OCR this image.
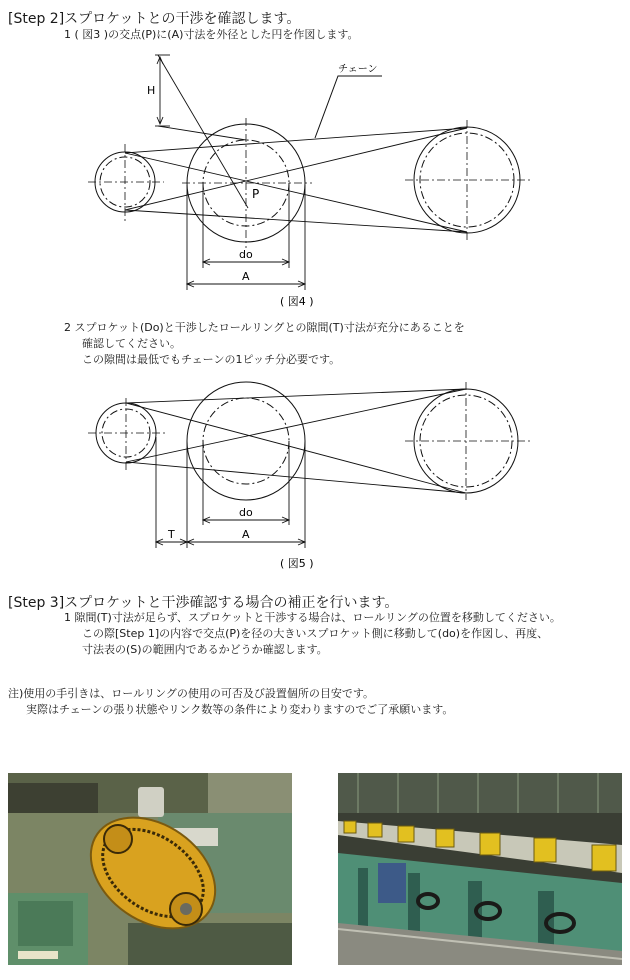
[Step 2]スプロケットとの干渉を確認します。
1 ( 図3 )の交点(P)に(A)寸法を外径とした円を作図します。
H
P
チェーン
do
A
( 図4 )
2 スプロケット(Do)と干渉したロールリングとの隙間(T)寸法が充分にあることを
確認してください。
この隙間は最低でもチェーンの1ピッチ分必要です。
do
T	A
( 図5 )
[Step 3]スプロケットと干渉確認する場合の補正を行います。
1 隙間(T)寸法が足らず、スプロケットと干渉する場合は、ロールリングの位置を移動してください。
この際[Step 1]の内容で交点(P)を径の大きいスプロケット側に移動して(do)を作図し、再度、
寸法表の(S)の範囲内であるかどうか確認します。
注)使用の手引きは、ロールリングの使用の可否及び設置個所の目安です。
実際はチェーンの張り状態やリンク数等の条件により変わりますのでご了承願います。
